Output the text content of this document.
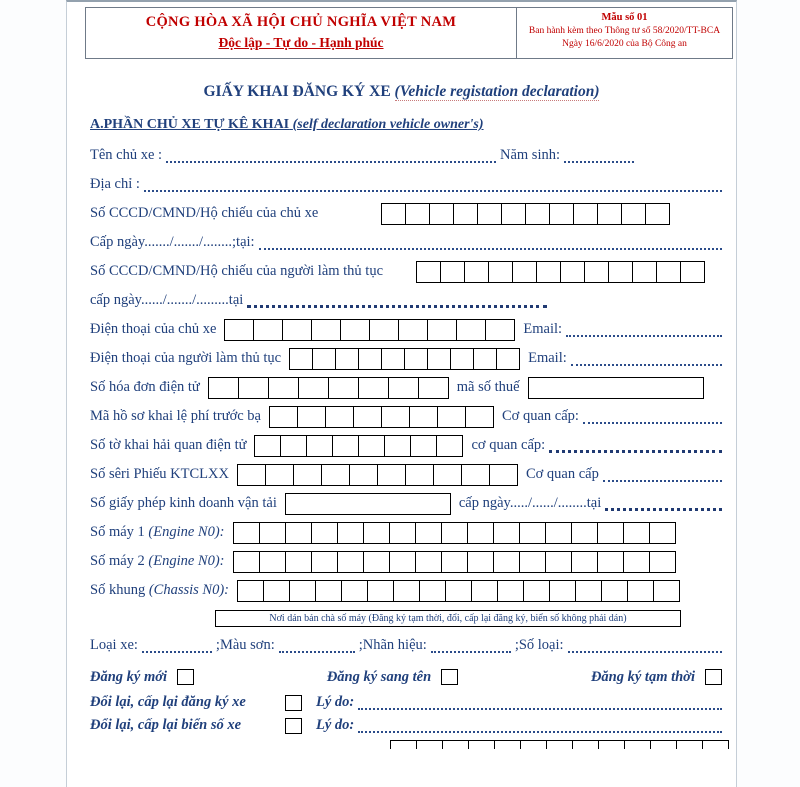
CỘNG HÒA XÃ HỘI CHỦ NGHĨA VIỆT NAM
Độc lập - Tự do - Hạnh phúc
Mẫu số 01
Ban hành kèm theo Thông tư số 58/2020/TT-BCA
Ngày 16/6/2020 của Bộ Công an
GIẤY KHAI ĐĂNG KÝ XE (Vehicle registation declaration)
A.PHẦN CHỦ XE TỰ KÊ KHAI (self declaration vehicle owner's)
Tên chủ xe :	Năm sinh:
Địa chỉ :
Số CCCD/CMND/Hộ chiếu của chủ xe
Cấp ngày......./......./........;tại:
Số CCCD/CMND/Hộ chiếu của người làm thủ tục
cấp ngày....../......./.........tại
Điện thoại của chủ xe	Email:
Điện thoại của người làm thủ tục	Email:
Số hóa đơn điện tử	mã số thuế
Mã hồ sơ khai lệ phí trước bạ	Cơ quan cấp:
Số tờ khai hải quan điện tử	cơ quan cấp:
Số sêri Phiếu KTCLXX	Cơ quan cấp
Số giấy phép kinh doanh vận tải	cấp ngày...../....../........tại
Số máy 1
(Engine N0):
Số máy 2
(Engine N0):
Số khung
(Chassis N0):
Nơi dán bản chà số máy (Đăng ký tạm thời, đổi, cấp lại đăng ký, biển số không phải dán)
Loại xe:	;Màu sơn:	;Nhãn hiệu:	;Số loại:
Đăng ký mới	Đăng ký sang tên	Đăng ký tạm thời
Đổi lại, cấp lại đăng ký xe	Lý do:
Đổi lại, cấp lại biển số xe	Lý do:
